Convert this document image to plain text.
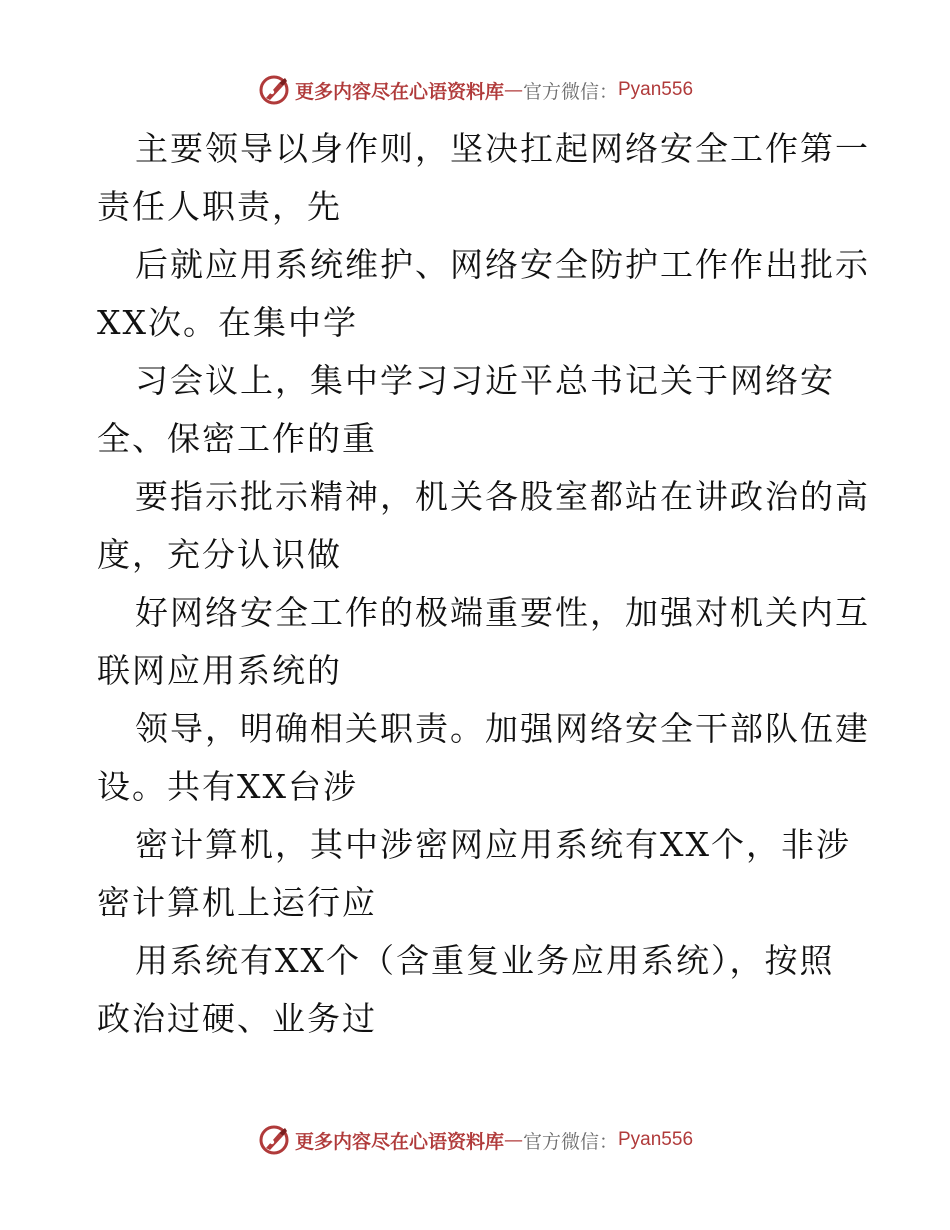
更多内容尽在心语资料库 — 官方微信： Pyan556
主要领导以身作则，坚决扛起网络安全工作第一
责任人职责，先
后就应用系统维护、网络安全防护工作作出批示
XX次。在集中学
习会议上，集中学习习近平总书记关于网络安
全、保密工作的重
要指示批示精神，机关各股室都站在讲政治的高
度，充分认识做
好网络安全工作的极端重要性，加强对机关内互
联网应用系统的
领导，明确相关职责。加强网络安全干部队伍建
设。共有XX台涉
密计算机，其中涉密网应用系统有XX个，非涉
密计算机上运行应
用系统有XX个（含重复业务应用系统），按照
政治过硬、业务过
更多内容尽在心语资料库 — 官方微信： Pyan556
